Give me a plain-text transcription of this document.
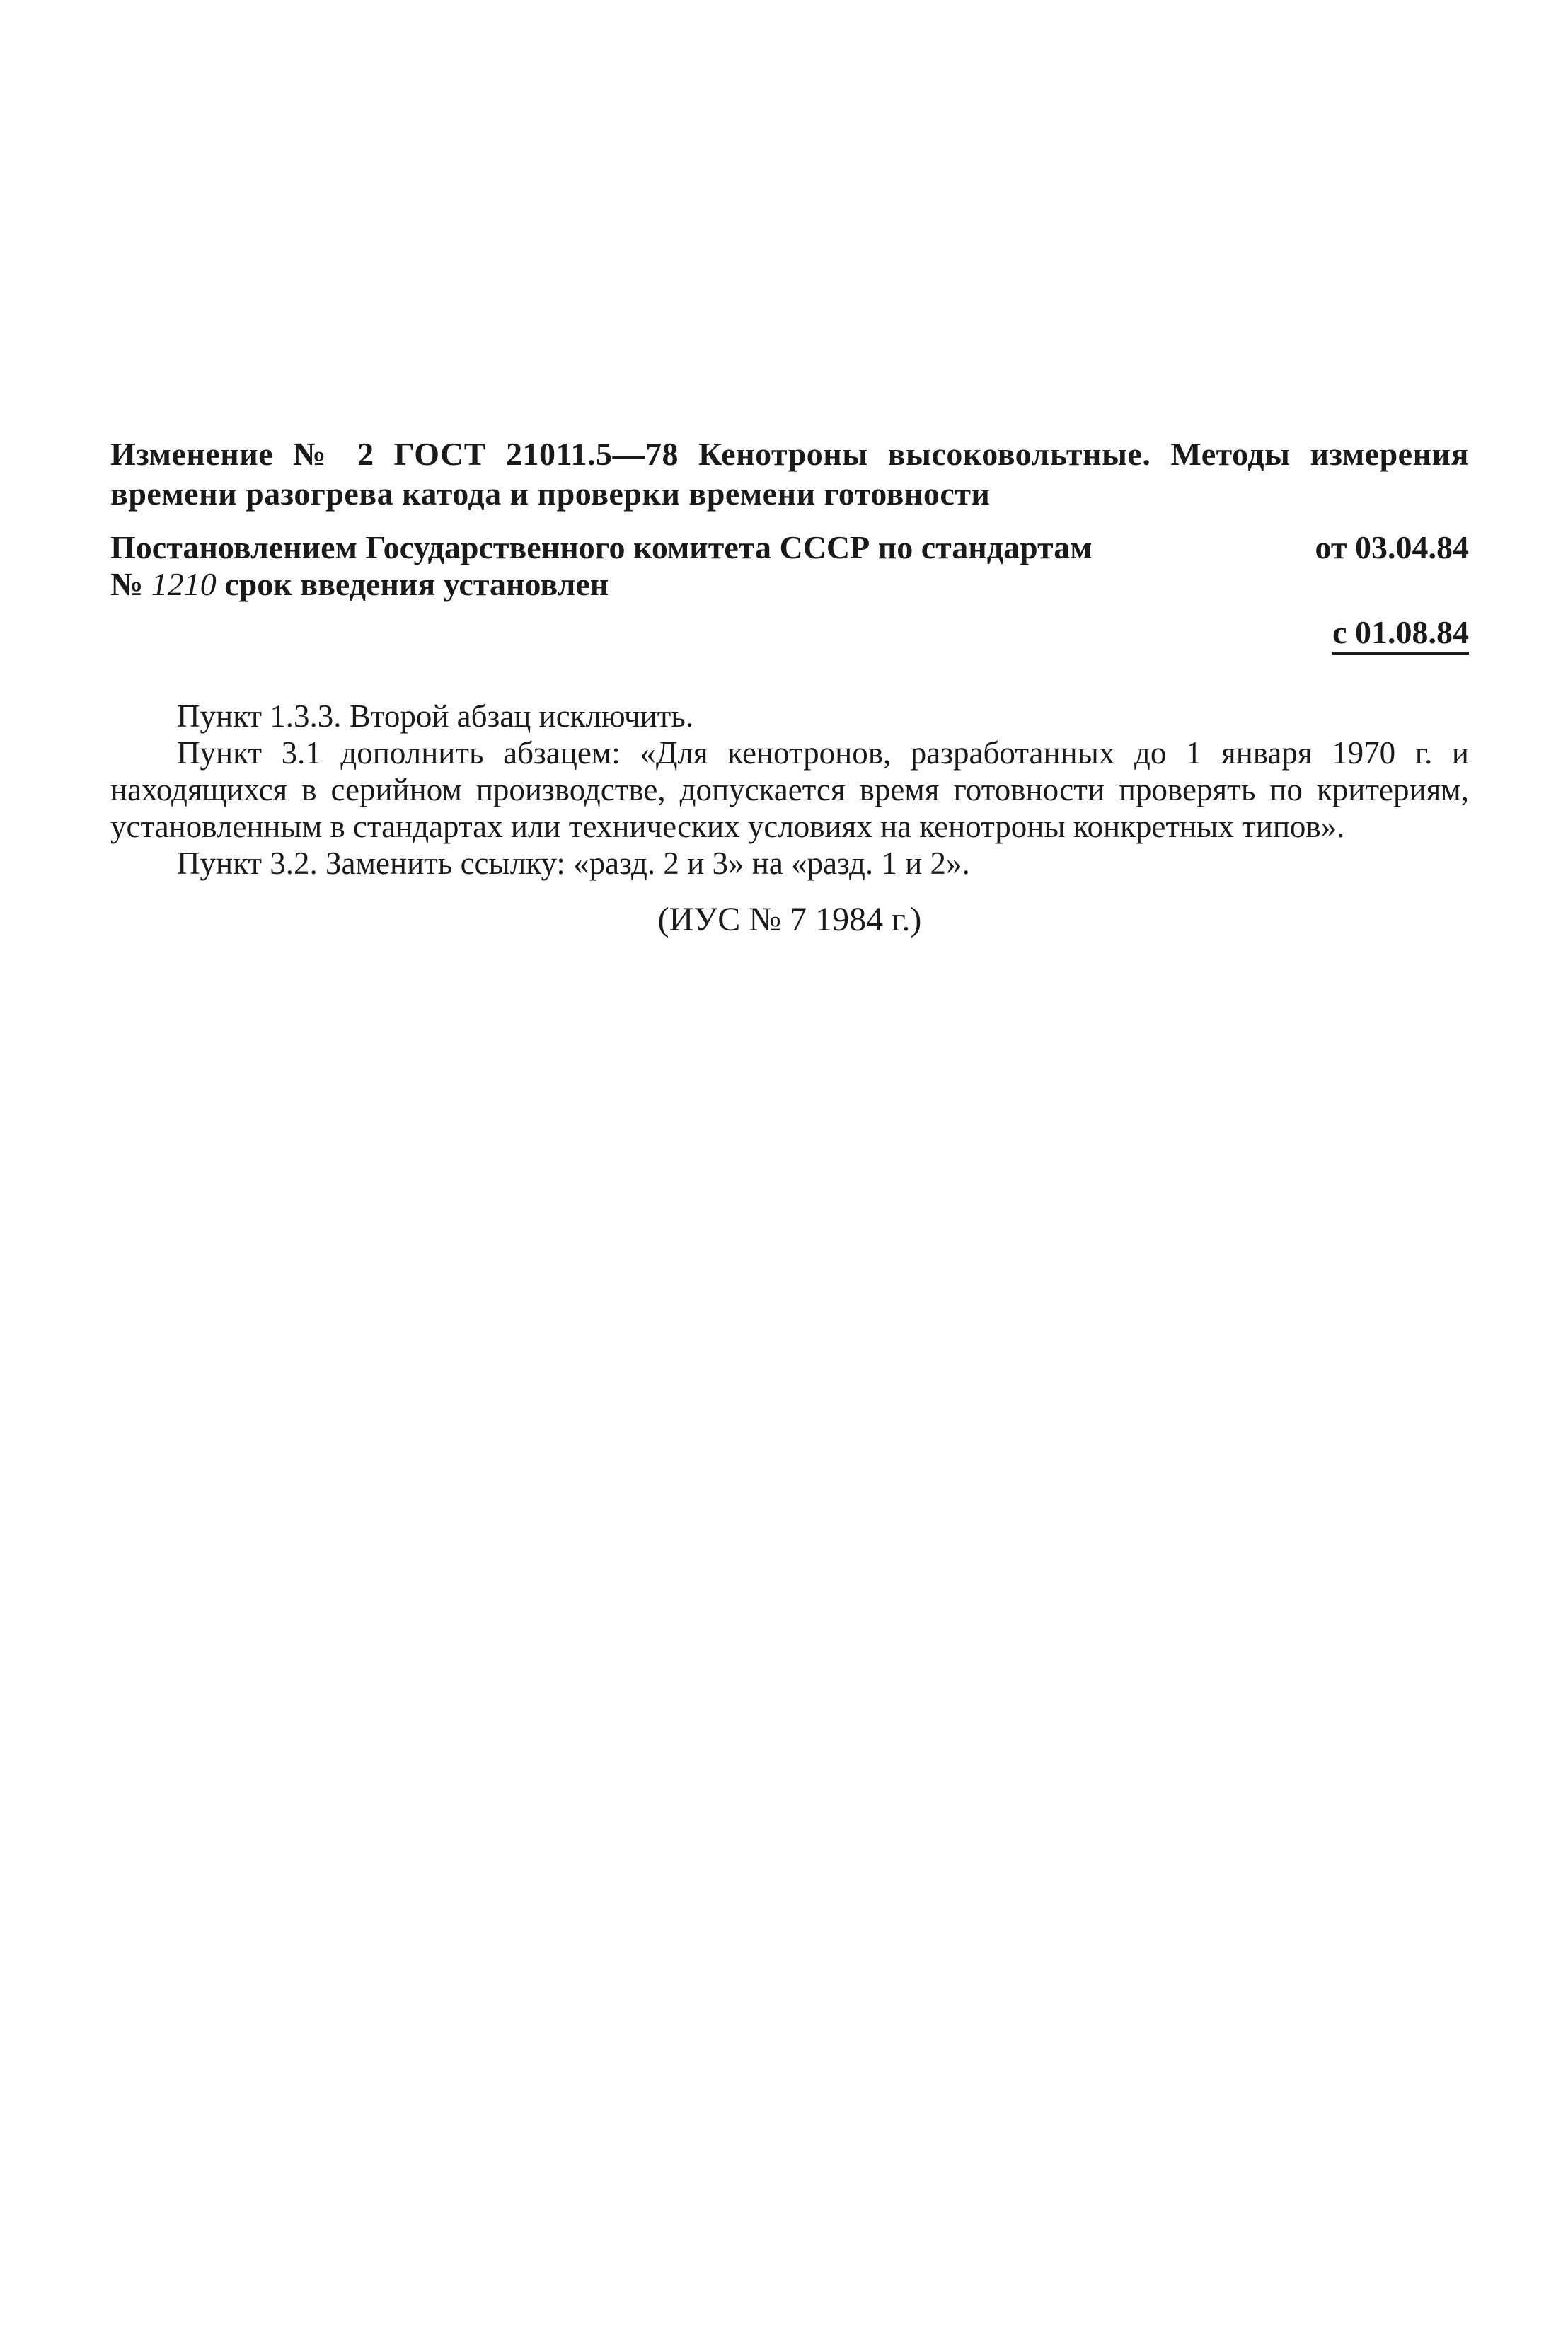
Изменение № 2 ГОСТ 21011.5—78 Кенотроны высоковольтные. Методы измерения времени разогрева катода и проверки времени готовности

Постановлением Государственного комитета СССР по стандартам	от 03.04.84
№ 1210 срок введения установлен
с 01.08.84

Пункт 1.3.3. Второй абзац исключить.

Пункт 3.1 дополнить абзацем: «Для кенотронов, разработанных до 1 января 1970 г. и находящихся в серийном производстве, допускается время готовности проверять по критериям, установленным в стандартах или технических условиях на кенотроны конкретных типов».

Пункт 3.2. Заменить ссылку: «разд. 2 и 3» на «разд. 1 и 2».

(ИУС № 7 1984 г.)
